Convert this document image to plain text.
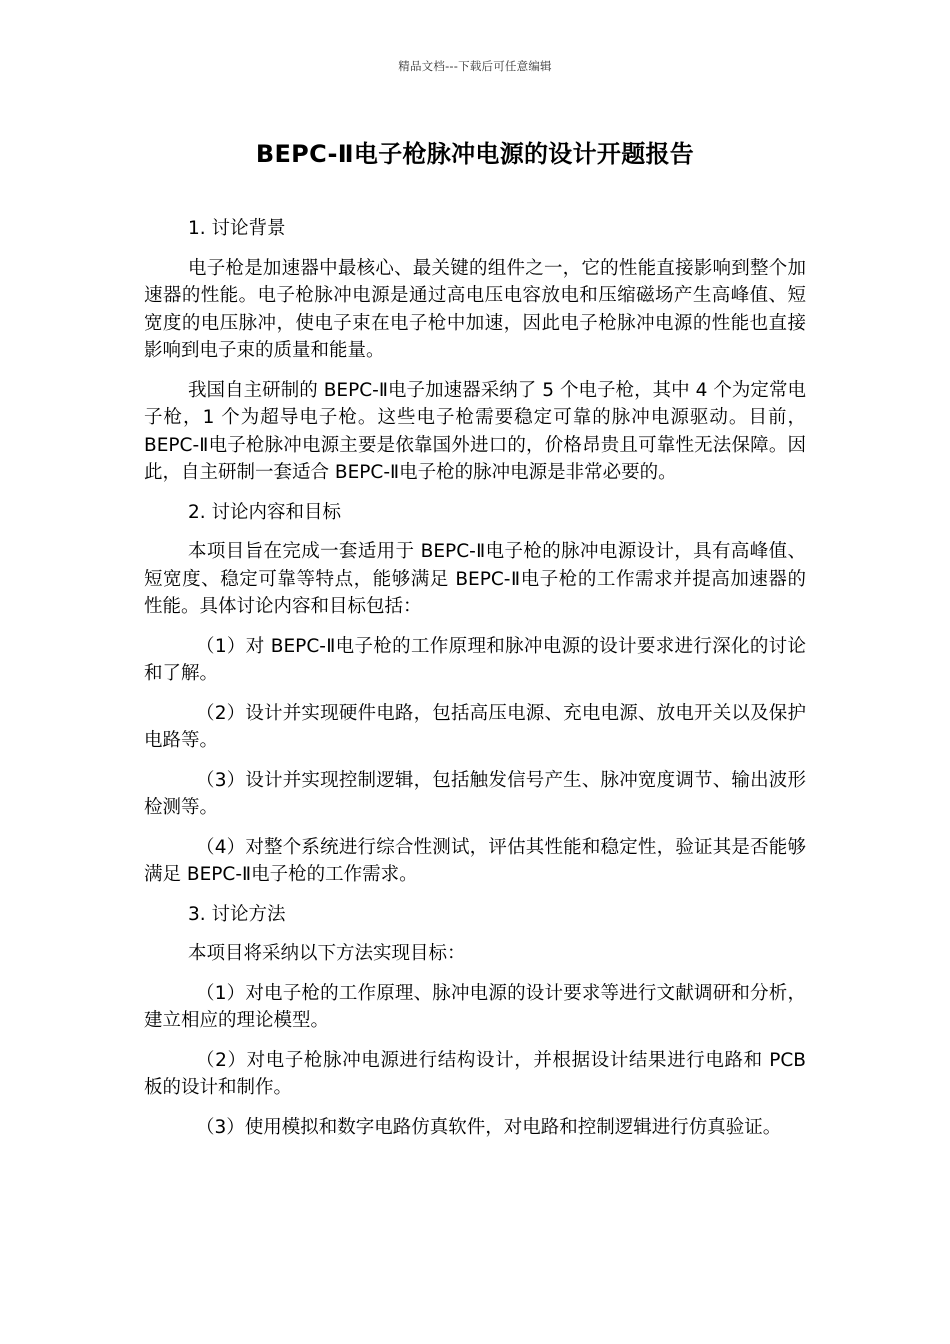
精品文档---下载后可任意编辑
BEPC-Ⅱ电子枪脉冲电源的设计开题报告

1. 讨论背景

电子枪是加速器中最核心、最关键的组件之一，它的性能直接影响到整个加速器的性能。电子枪脉冲电源是通过高电压电容放电和压缩磁场产生高峰值、短宽度的电压脉冲，使电子束在电子枪中加速，因此电子枪脉冲电源的性能也直接影响到电子束的质量和能量。

我国自主研制的 BEPC-Ⅱ电子加速器采纳了 5 个电子枪，其中 4 个为定常电子枪，1 个为超导电子枪。这些电子枪需要稳定可靠的脉冲电源驱动。目前，BEPC-Ⅱ电子枪脉冲电源主要是依靠国外进口的，价格昂贵且可靠性无法保障。因此，自主研制一套适合 BEPC-Ⅱ电子枪的脉冲电源是非常必要的。

2. 讨论内容和目标

本项目旨在完成一套适用于 BEPC-Ⅱ电子枪的脉冲电源设计，具有高峰值、短宽度、稳定可靠等特点，能够满足 BEPC-Ⅱ电子枪的工作需求并提高加速器的性能。具体讨论内容和目标包括：

（1）对 BEPC-Ⅱ电子枪的工作原理和脉冲电源的设计要求进行深化的讨论和了解。

（2）设计并实现硬件电路，包括高压电源、充电电源、放电开关以及保护电路等。

（3）设计并实现控制逻辑，包括触发信号产生、脉冲宽度调节、输出波形检测等。

（4）对整个系统进行综合性测试，评估其性能和稳定性，验证其是否能够满足 BEPC-Ⅱ电子枪的工作需求。

3. 讨论方法

本项目将采纳以下方法实现目标：

（1）对电子枪的工作原理、脉冲电源的设计要求等进行文献调研和分析，建立相应的理论模型。

（2）对电子枪脉冲电源进行结构设计，并根据设计结果进行电路和 PCB 板的设计和制作。

（3）使用模拟和数字电路仿真软件，对电路和控制逻辑进行仿真验证。
